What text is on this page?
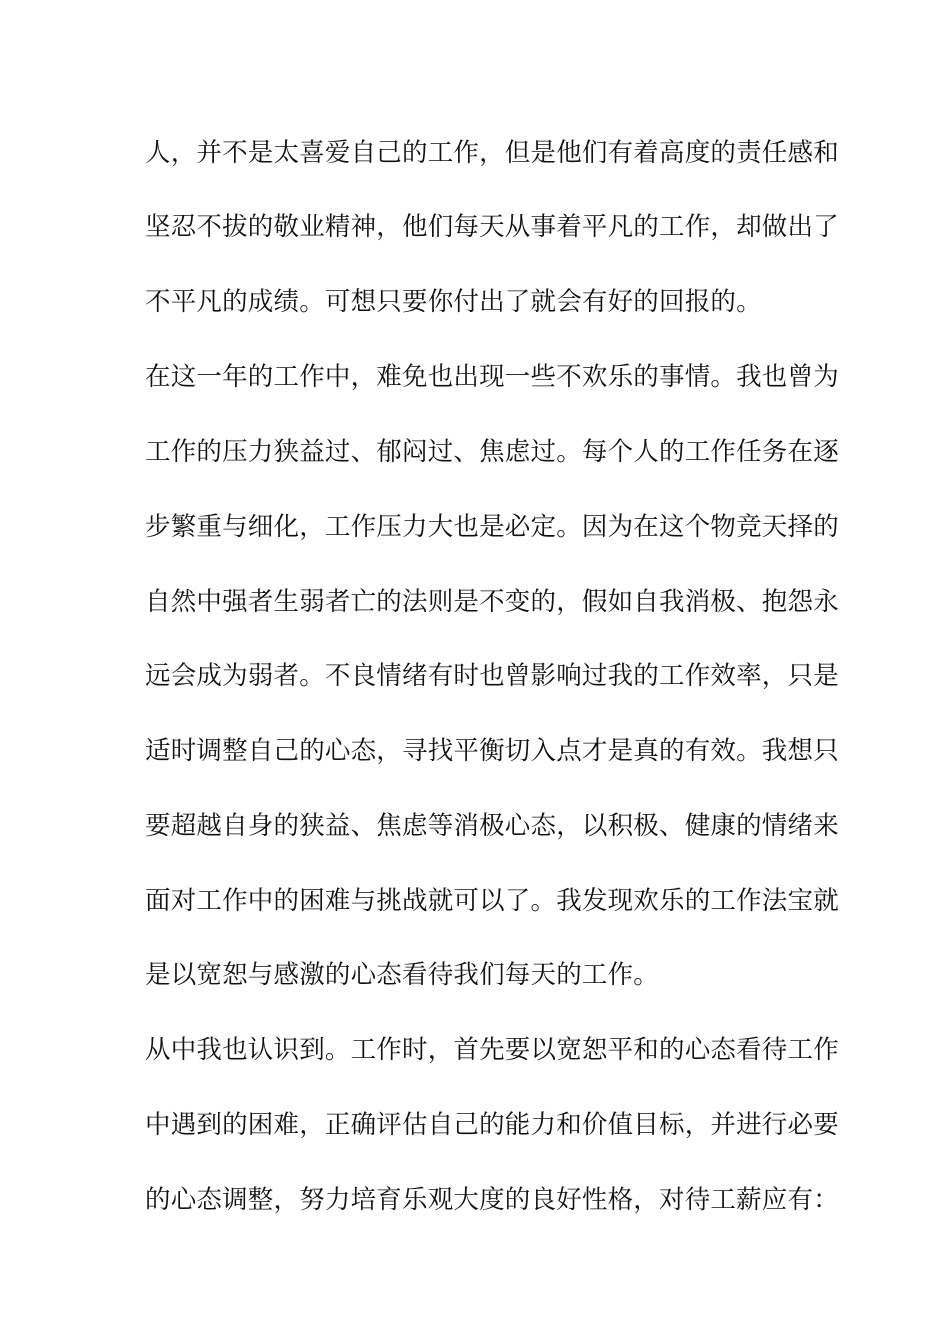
人，并不是太喜爱自己的工作，但是他们有着高度的责任感和
坚忍不拔的敬业精神，他们每天从事着平凡的工作，却做出了
不平凡的成绩。可想只要你付出了就会有好的回报的。
在这一年的工作中，难免也出现一些不欢乐的事情。我也曾为
工作的压力狭益过、郁闷过、焦虑过。每个人的工作任务在逐
步繁重与细化，工作压力大也是必定。因为在这个物竞天择的
自然中强者生弱者亡的法则是不变的，假如自我消极、抱怨永
远会成为弱者。不良情绪有时也曾影响过我的工作效率，只是
适时调整自己的心态，寻找平衡切入点才是真的有效。我想只
要超越自身的狭益、焦虑等消极心态，以积极、健康的情绪来
面对工作中的困难与挑战就可以了。我发现欢乐的工作法宝就
是以宽恕与感激的心态看待我们每天的工作。
从中我也认识到。工作时，首先要以宽恕平和的心态看待工作
中遇到的困难，正确评估自己的能力和价值目标，并进行必要
的心态调整，努力培育乐观大度的良好性格，对待工薪应有：
